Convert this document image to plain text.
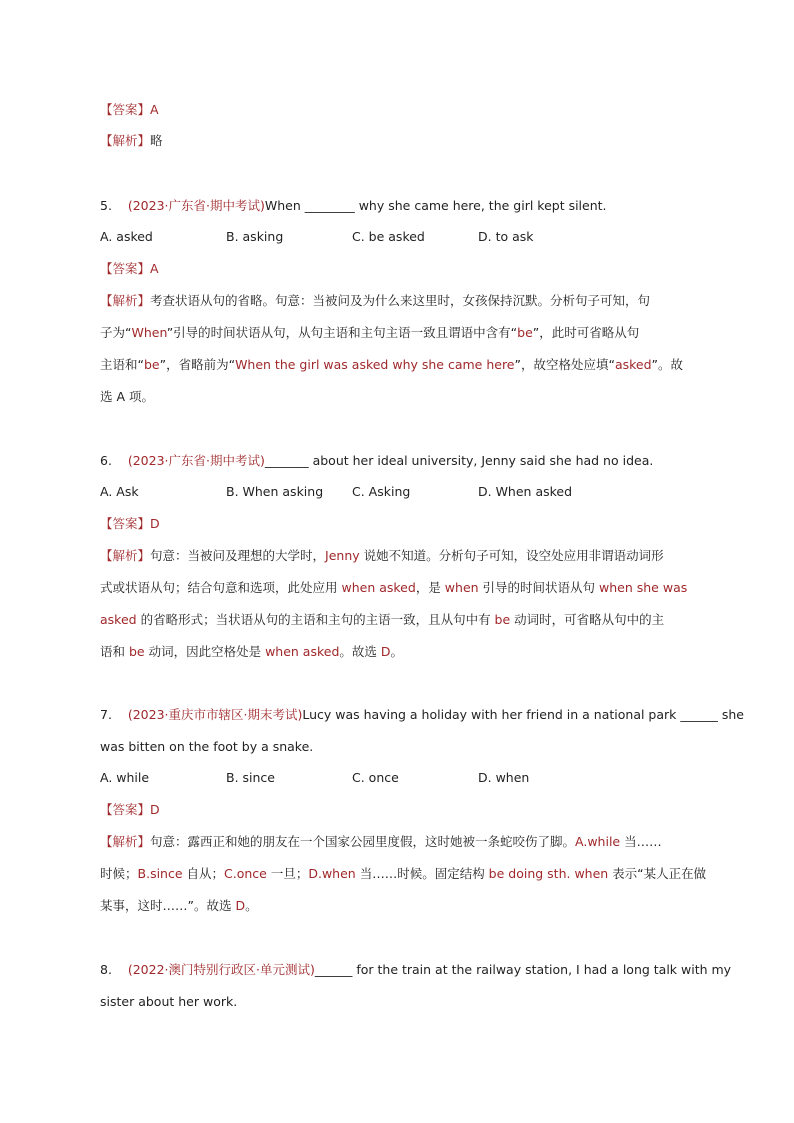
【答案】A
【解析】略
5. (2023·广东省·期中考试)When ________ why she came here, the girl kept silent.
A. asked	B. asking	C. be asked	D. to ask
【答案】A
【解析】考查状语从句的省略。句意：当被问及为什么来这里时，女孩保持沉默。分析句子可知，句
子为“When”引导的时间状语从句，从句主语和主句主语一致且谓语中含有“be”，此时可省略从句
主语和“be”，省略前为“When the girl was asked why she came here”，故空格处应填“asked”。故
选 A 项。
6. (2023·广东省·期中考试)_______ about her ideal university, Jenny said she had no idea.
A. Ask	B. When asking C. Asking	D. When asked
【答案】D
【解析】句意：当被问及理想的大学时，Jenny 说她不知道。分析句子可知，设空处应用非谓语动词形
式或状语从句；结合句意和选项，此处应用 when asked，是 when 引导的时间状语从句 when she was
asked 的省略形式；当状语从句的主语和主句的主语一致，且从句中有 be 动词时，可省略从句中的主
语和 be 动词，因此空格处是 when asked。故选 D。
7. (2023·重庆市市辖区·期末考试)Lucy was having a holiday with her friend in a national park ______ she
was bitten on the foot by a snake.
A. while	B. since	C. once	D. when
【答案】D
【解析】句意：露西正和她的朋友在一个国家公园里度假，这时她被一条蛇咬伤了脚。A.while 当……
时候；B.since 自从；C.once 一旦；D.when 当……时候。固定结构 be doing sth. when 表示“某人正在做
某事，这时……”。故选 D。
8. (2022·澳门特别行政区·单元测试)______ for the train at the railway station, I had a long talk with my
sister about her work.
